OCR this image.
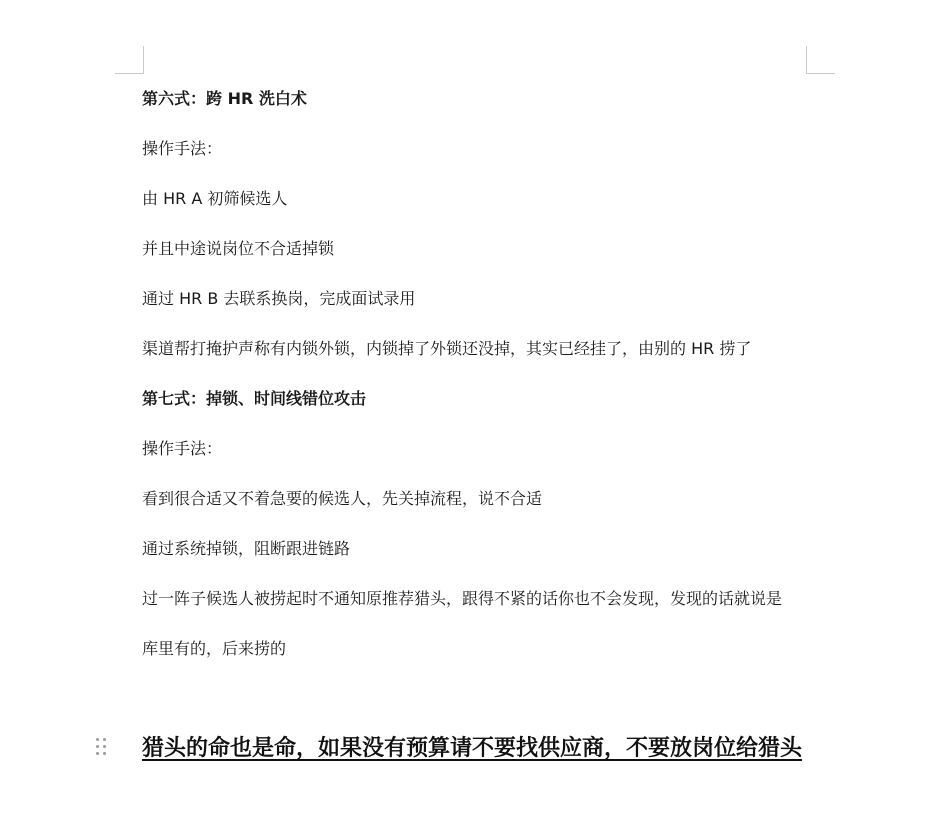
第六式：跨 HR 洗白术
操作手法：
由 HR A 初筛候选人
并且中途说岗位不合适掉锁
通过 HR B 去联系换岗，完成面试录用
渠道帮打掩护声称有内锁外锁，内锁掉了外锁还没掉，其实已经挂了，由别的 HR 捞了
第七式：掉锁、时间线错位攻击
操作手法：
看到很合适又不着急要的候选人，先关掉流程，说不合适
通过系统掉锁，阻断跟进链路
过一阵子候选人被捞起时不通知原推荐猎头，跟得不紧的话你也不会发现，发现的话就说是
库里有的，后来捞的
猎头的命也是命，如果没有预算请不要找供应商，不要放岗位给猎头
